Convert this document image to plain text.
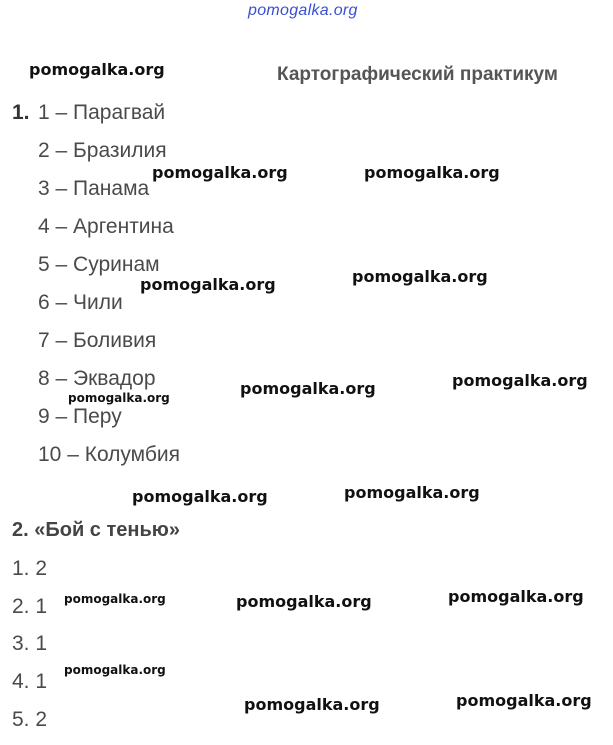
pomogalka.org
pomogalka.org	Картографический практикум
1. 1 – Парагвай
2 – Бразилия
3 – Панама
4 – Аргентина
5 – Суринам
6 – Чили
7 – Боливия
8 – Эквадор
9 – Перу
10 – Колумбия
2. «Бой с тенью»
1. 2
2. 1
3. 1
4. 1
5. 2
pomogalka.org	pomogalka.org
pomogalka.org
pomogalka.org
pomogalka.org
pomogalka.org
pomogalka.org
pomogalka.org
pomogalka.org
pomogalka.org	pomogalka.org
pomogalka.org
pomogalka.org
pomogalka.org
pomogalka.org
